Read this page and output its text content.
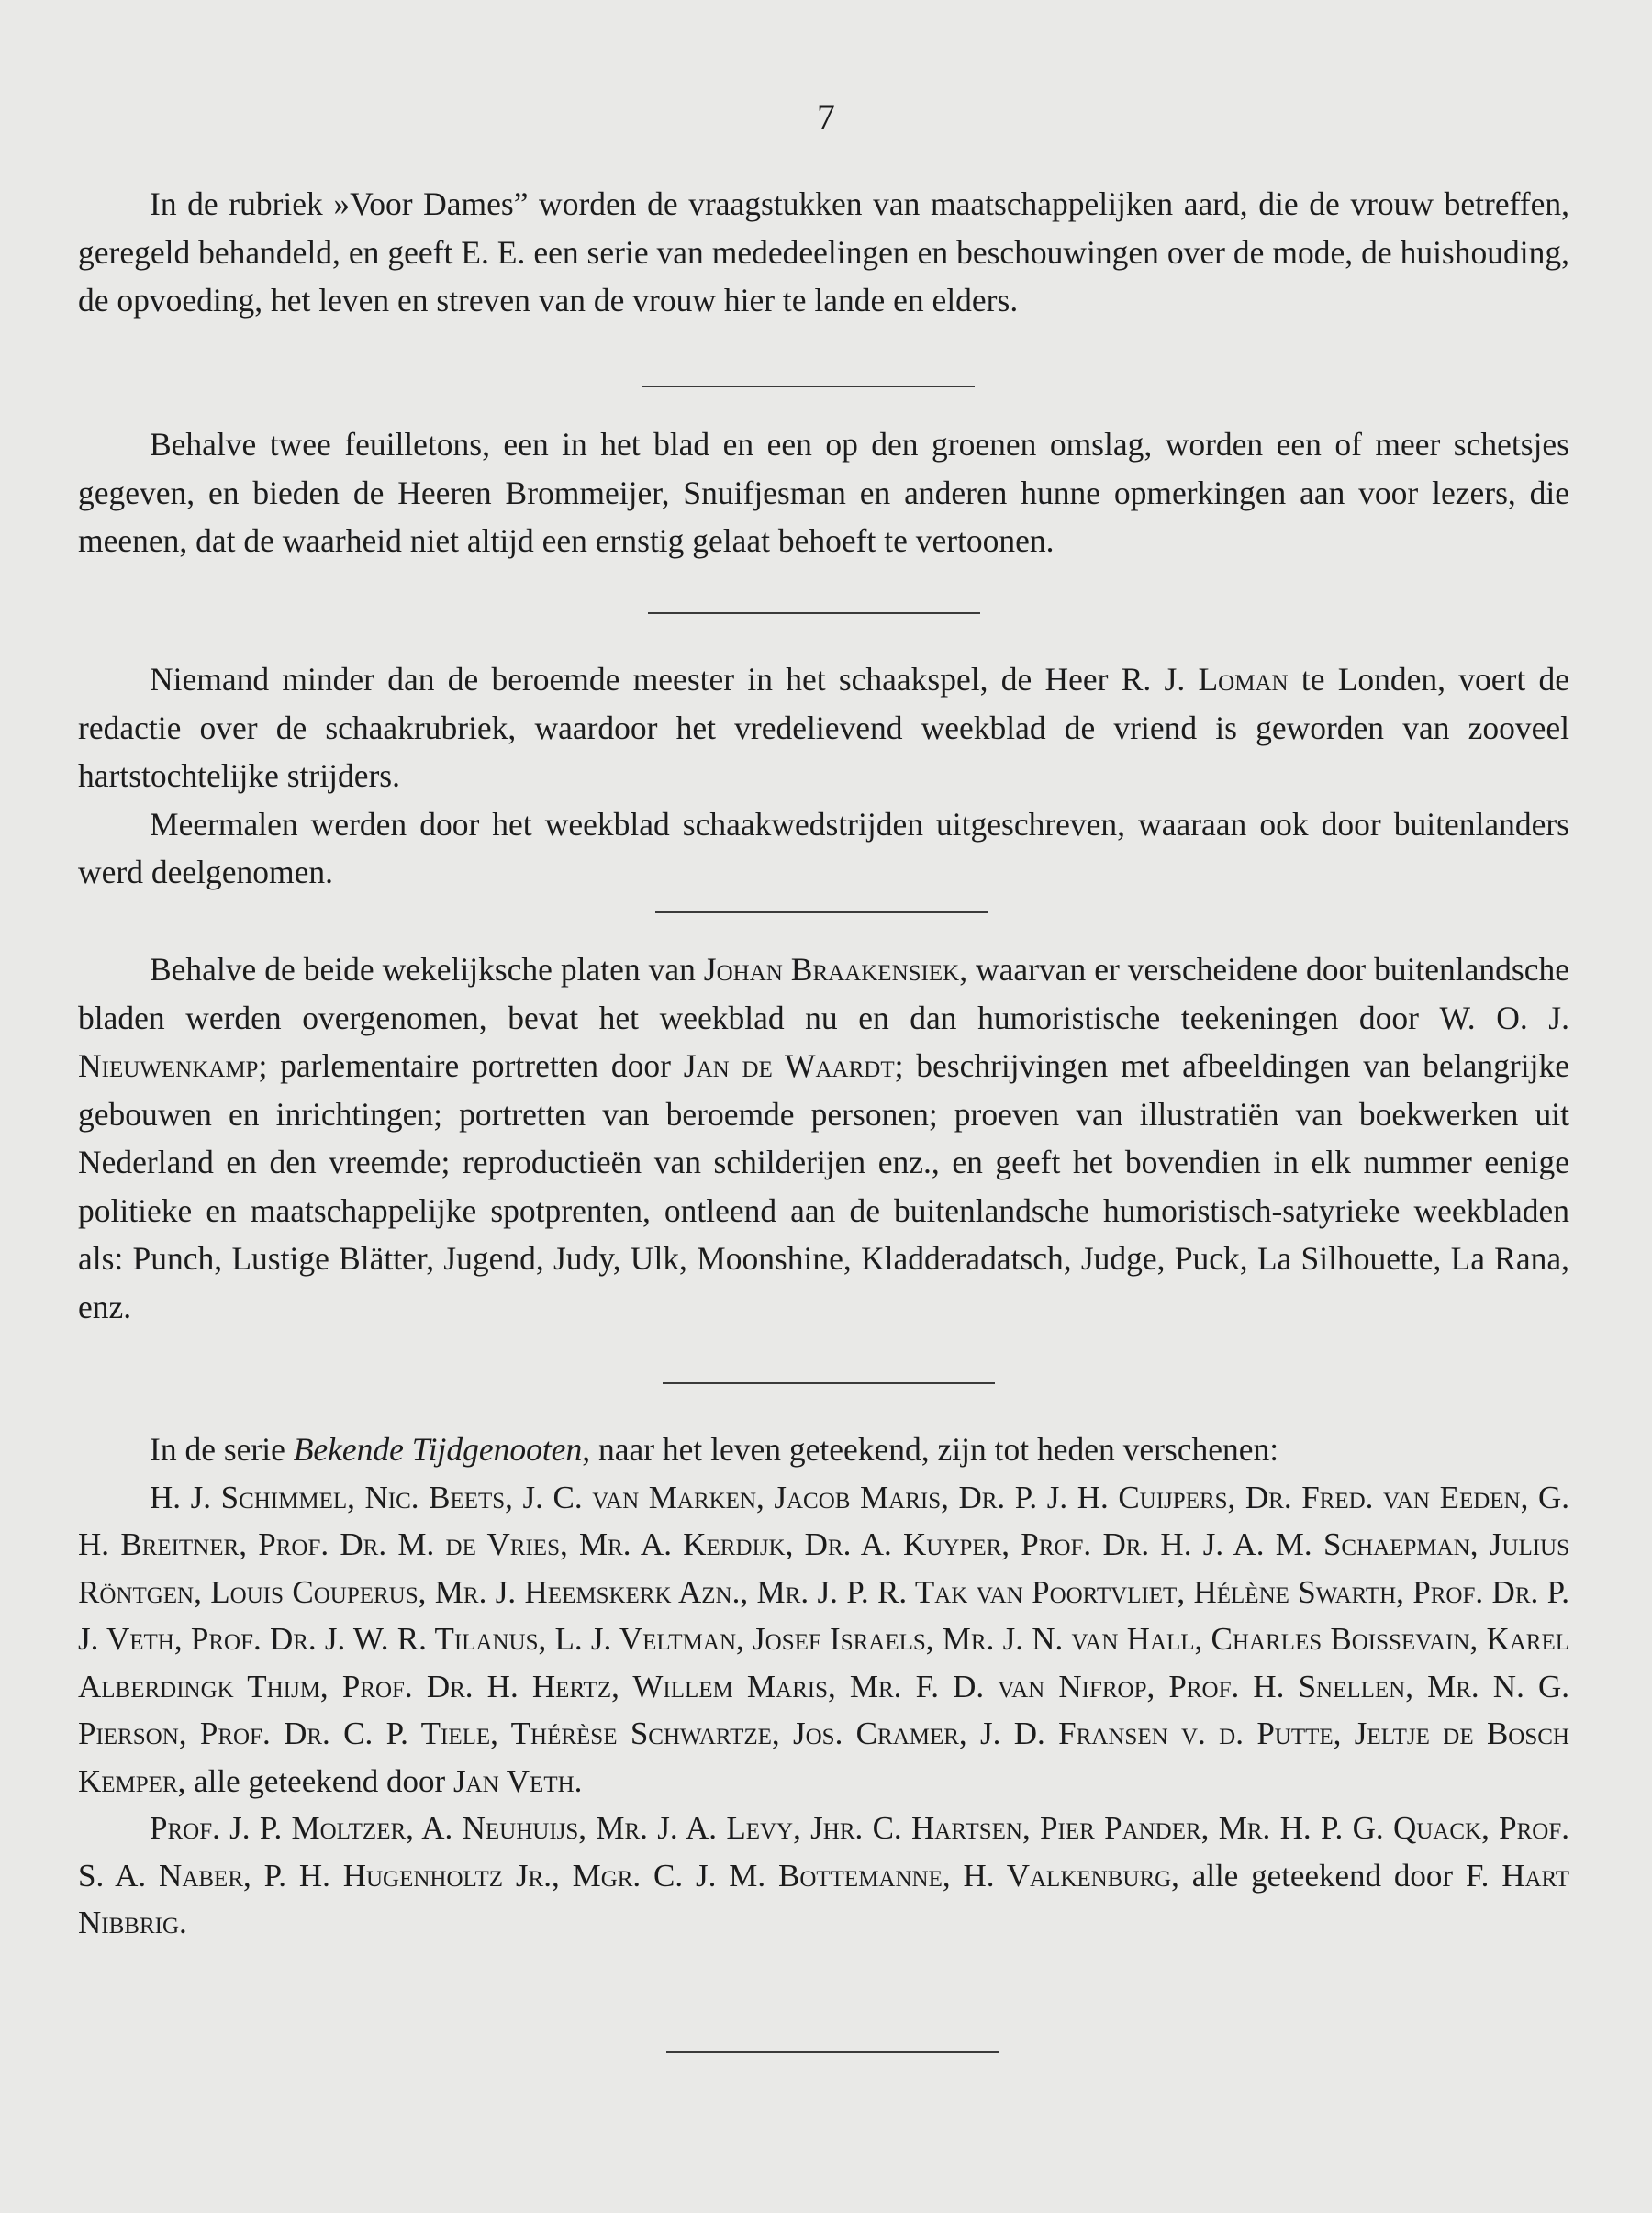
7

In de rubriek »Voor Dames” worden de vraagstukken van maatschappelijken aard, die de vrouw betreffen, geregeld behandeld, en geeft E. E. een serie van mededeelingen en beschouwingen over de mode, de huishouding, de opvoeding, het leven en streven van de vrouw hier te lande en elders.

Behalve twee feuilletons, een in het blad en een op den groenen omslag, worden een of meer schetsjes gegeven, en bieden de Heeren Brommeijer, Snuifjesman en anderen hunne opmerkingen aan voor lezers, die meenen, dat de waarheid niet altijd een ernstig gelaat behoeft te vertoonen.

Niemand minder dan de beroemde meester in het schaakspel, de Heer R. J. Loman te Londen, voert de redactie over de schaakrubriek, waardoor het vredelievend weekblad de vriend is geworden van zooveel hartstochtelijke strijders.

Meermalen werden door het weekblad schaakwedstrijden uitgeschreven, waaraan ook door buitenlanders werd deelgenomen.

Behalve de beide wekelijksche platen van Johan Braakensiek, waarvan er verscheidene door buitenlandsche bladen werden overgenomen, bevat het weekblad nu en dan humoristische teekeningen door W. O. J. Nieuwenkamp; parlementaire portretten door Jan de Waardt; beschrijvingen met afbeeldingen van belangrijke gebouwen en inrichtingen; portretten van beroemde personen; proeven van illustratiën van boekwerken uit Nederland en den vreemde; reproductieën van schilderijen enz., en geeft het bovendien in elk nummer eenige politieke en maatschappelijke spotprenten, ontleend aan de buitenlandsche humoristisch-satyrieke weekbladen als: Punch, Lustige Blätter, Jugend, Judy, Ulk, Moonshine, Kladderadatsch, Judge, Puck, La Silhouette, La Rana, enz.

In de serie Bekende Tijdgenooten, naar het leven geteekend, zijn tot heden verschenen:

H. J. Schimmel, Nic. Beets, J. C. van Marken, Jacob Maris, Dr. P. J. H. Cuijpers, Dr. Fred. van Eeden, G. H. Breitner, Prof. Dr. M. de Vries, Mr. A. Kerdijk, Dr. A. Kuyper, Prof. Dr. H. J. A. M. Schaepman, Julius Röntgen, Louis Couperus, Mr. J. Heemskerk Azn., Mr. J. P. R. Tak van Poortvliet, Hélène Swarth, Prof. Dr. P. J. Veth, Prof. Dr. J. W. R. Tilanus, L. J. Veltman, Josef Israels, Mr. J. N. van Hall, Charles Boissevain, Karel Alberdingk Thijm, Prof. Dr. H. Hertz, Willem Maris, Mr. F. D. van Nifrop, Prof. H. Snellen, Mr. N. G. Pierson, Prof. Dr. C. P. Tiele, Thérèse Schwartze, Jos. Cramer, J. D. Fransen v. d. Putte, Jeltje de Bosch Kemper, alle geteekend door Jan Veth.

Prof. J. P. Moltzer, A. Neuhuijs, Mr. J. A. Levy, Jhr. C. Hartsen, Pier Pander, Mr. H. P. G. Quack, Prof. S. A. Naber, P. H. Hugenholtz Jr., Mgr. C. J. M. Bottemanne, H. Valkenburg, alle geteekend door F. Hart Nibbrig.
